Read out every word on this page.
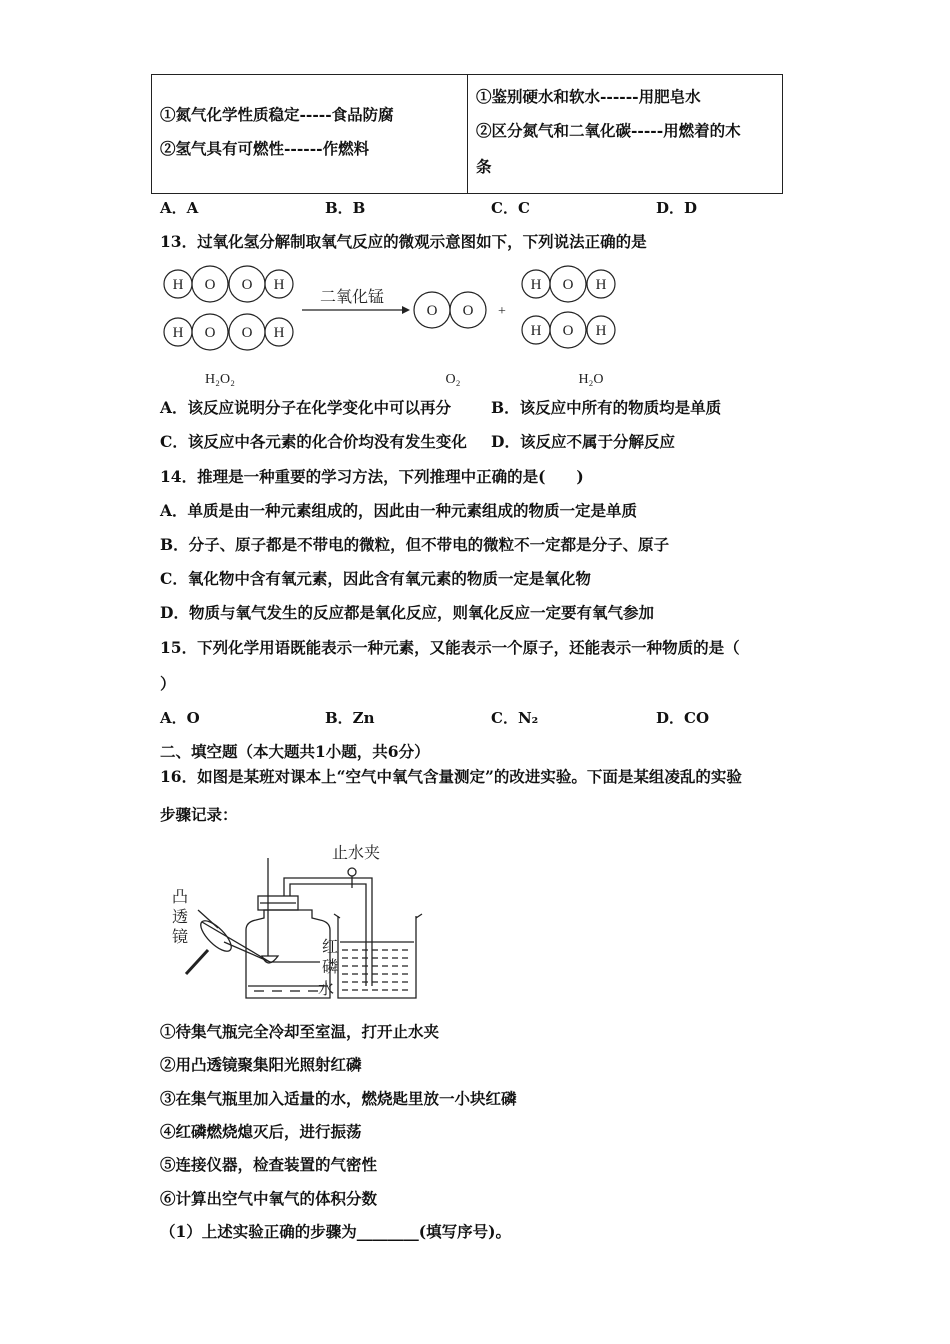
①氮气化学性质稳定-----食品防腐
②氢气具有可燃性------作燃料

①鉴别硬水和软水------用肥皂水
②区分氮气和二氧化碳-----用燃着的木
条
A．A	B．B	C．C	D．D
13．过氧化氢分解制取氧气反应的微观示意图如下，下列说法正确的是
H O O H
H O O H
O O
H O H
H O H
二氧化锰
+
H₂O₂	O₂	H₂O
A．该反应说明分子在化学变化中可以再分	B．该反应中所有的物质均是单质
C．该反应中各元素的化合价均没有发生变化 D．该反应不属于分解反应
14．推理是一种重要的学习方法，下列推理中正确的是(　　)
A．单质是由一种元素组成的，因此由一种元素组成的物质一定是单质
B．分子、原子都是不带电的微粒，但不带电的微粒不一定都是分子、原子
C．氧化物中含有氧元素，因此含有氧元素的物质一定是氧化物
D．物质与氧气发生的反应都是氧化反应，则氧化反应一定要有氧气参加
15．下列化学用语既能表示一种元素，又能表示一个原子，还能表示一种物质的是（
）
A．O	B．Zn	C．N₂	D．CO
二、填空题（本大题共1小题，共6分）
16．如图是某班对课本上“空气中氧气含量测定”的改进实验。下面是某组凌乱的实验
步骤记录：
止水夹
凸
透
镜
红
磷
水
①待集气瓶完全冷却至室温，打开止水夹
②用凸透镜聚集阳光照射红磷
③在集气瓶里加入适量的水，燃烧匙里放一小块红磷
④红磷燃烧熄灭后，进行振荡
⑤连接仪器，检查装置的气密性
⑥计算出空气中氧气的体积分数
（1）上述实验正确的步骤为________(填写序号)。
